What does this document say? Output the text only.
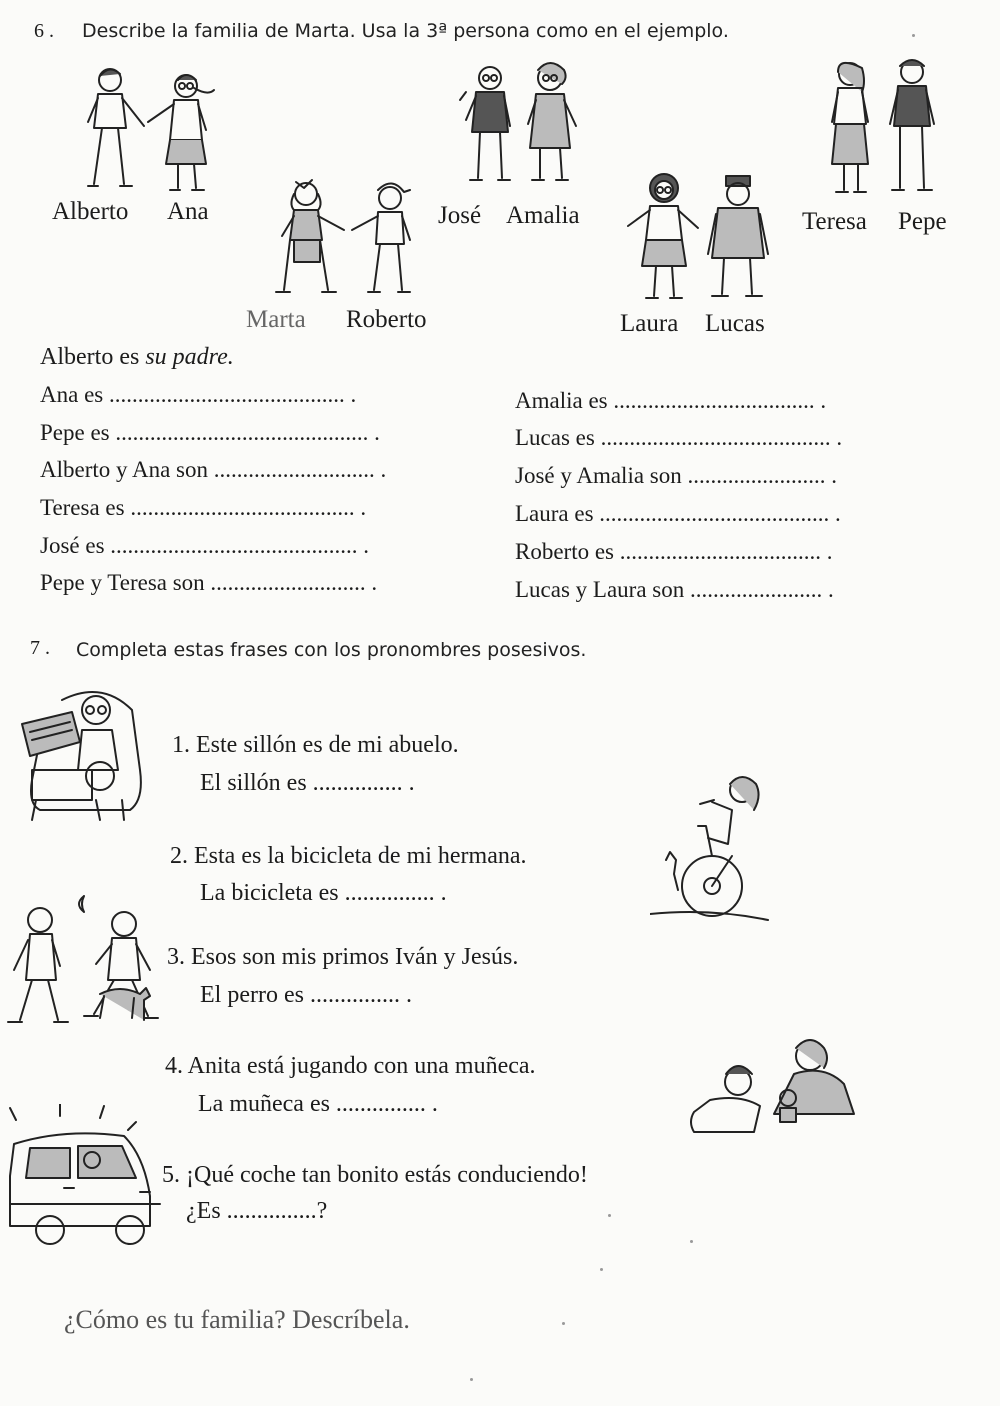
6 . Describe la familia de Marta. Usa la 3ª persona como en el ejemplo.
Alberto Ana
Marta Roberto
José Amalia
Laura Lucas
Teresa Pepe
Alberto es su padre.
Ana es ......................................... .
Pepe es ............................................ .
Alberto y Ana son ............................ .
Teresa es ....................................... .
José es ........................................... .
Pepe y Teresa son ........................... .
Amalia es ................................... .
Lucas es ........................................ .
José y Amalia son ........................ .
Laura es ........................................ .
Roberto es ................................... .
Lucas y Laura son ....................... .
7 . Completa estas frases con los pronombres posesivos.
1. Este sillón es de mi abuelo.
El sillón es ............... .
2. Esta es la bicicleta de mi hermana.
La bicicleta es ............... .
3. Esos son mis primos Iván y Jesús.
El perro es ............... .
4. Anita está jugando con una muñeca.
La muñeca es ............... .
5. ¡Qué coche tan bonito estás conduciendo!
¿Es ...............?
¿Cómo es tu familia? Descríbela.
